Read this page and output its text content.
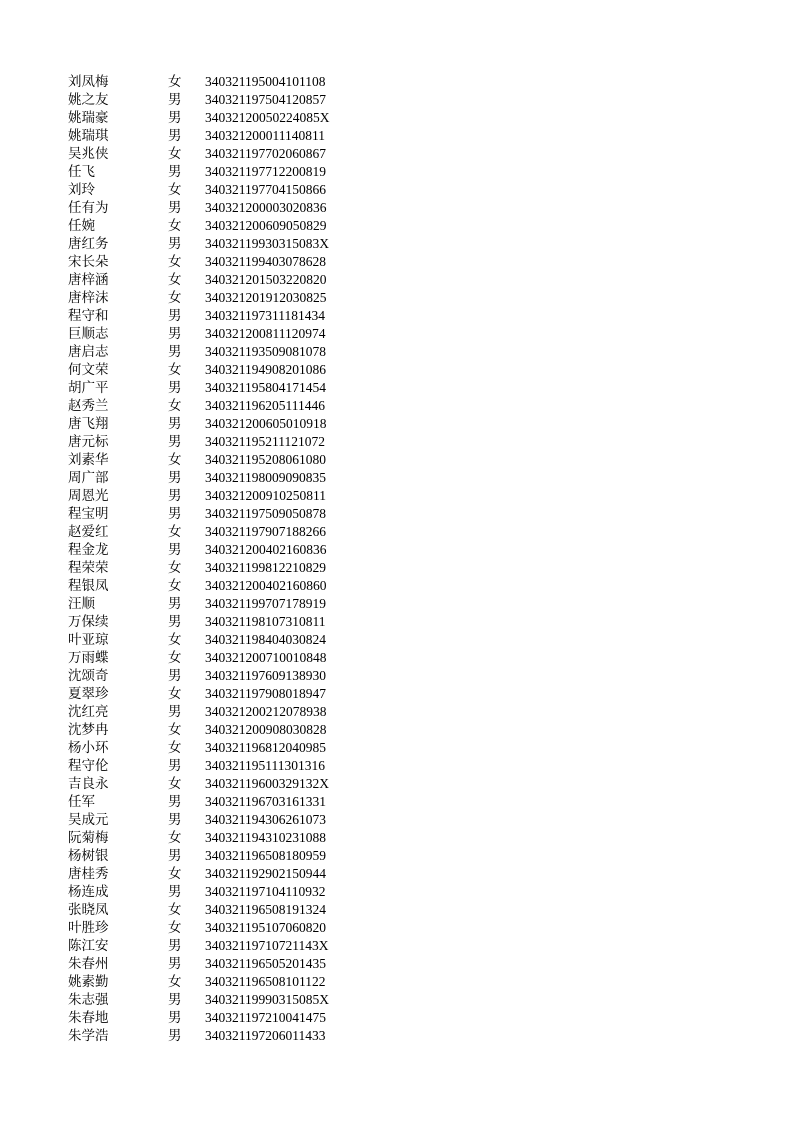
刘凤梅	女 340321195004101108
姚之友	男 340321197504120857
姚瑞豪	男 34032120050224085X
姚瑞琪	男 340321200011140811
吴兆侠	女 340321197702060867
任飞	男 340321197712200819
刘玲	女 340321197704150866
任有为	男 340321200003020836
任婉	女 340321200609050829
唐红务	男 34032119930315083X
宋长朵	女 340321199403078628
唐梓涵	女 340321201503220820
唐梓沫	女 340321201912030825
程守和	男 340321197311181434
巨顺志	男 340321200811120974
唐启志	男 340321193509081078
何文荣	女 340321194908201086
胡广平	男 340321195804171454
赵秀兰	女 340321196205111446
唐飞翔	男 340321200605010918
唐元标	男 340321195211121072
刘素华	女 340321195208061080
周广部	男 340321198009090835
周恩光	男 340321200910250811
程宝明	男 340321197509050878
赵爱红	女 340321197907188266
程金龙	男 340321200402160836
程荣荣	女 340321199812210829
程银凤	女 340321200402160860
汪顺	男 340321199707178919
万保续	男 340321198107310811
叶亚琼	女 340321198404030824
万雨蝶	女 340321200710010848
沈颂奇	男 340321197609138930
夏翠珍	女 340321197908018947
沈红亮	男 340321200212078938
沈梦冉	女 340321200908030828
杨小环	女 340321196812040985
程守伦	男 340321195111301316
吉良永	女 34032119600329132X
任军	男 340321196703161331
吴成元	男 340321194306261073
阮菊梅	女 340321194310231088
杨树银	男 340321196508180959
唐桂秀	女 340321192902150944
杨连成	男 340321197104110932
张晓凤	女 340321196508191324
叶胜珍	女 340321195107060820
陈江安	男 34032119710721143X
朱春州	男 340321196505201435
姚素勤	女 340321196508101122
朱志强	男 34032119990315085X
朱春地	男 340321197210041475
朱学浩	男 340321197206011433
